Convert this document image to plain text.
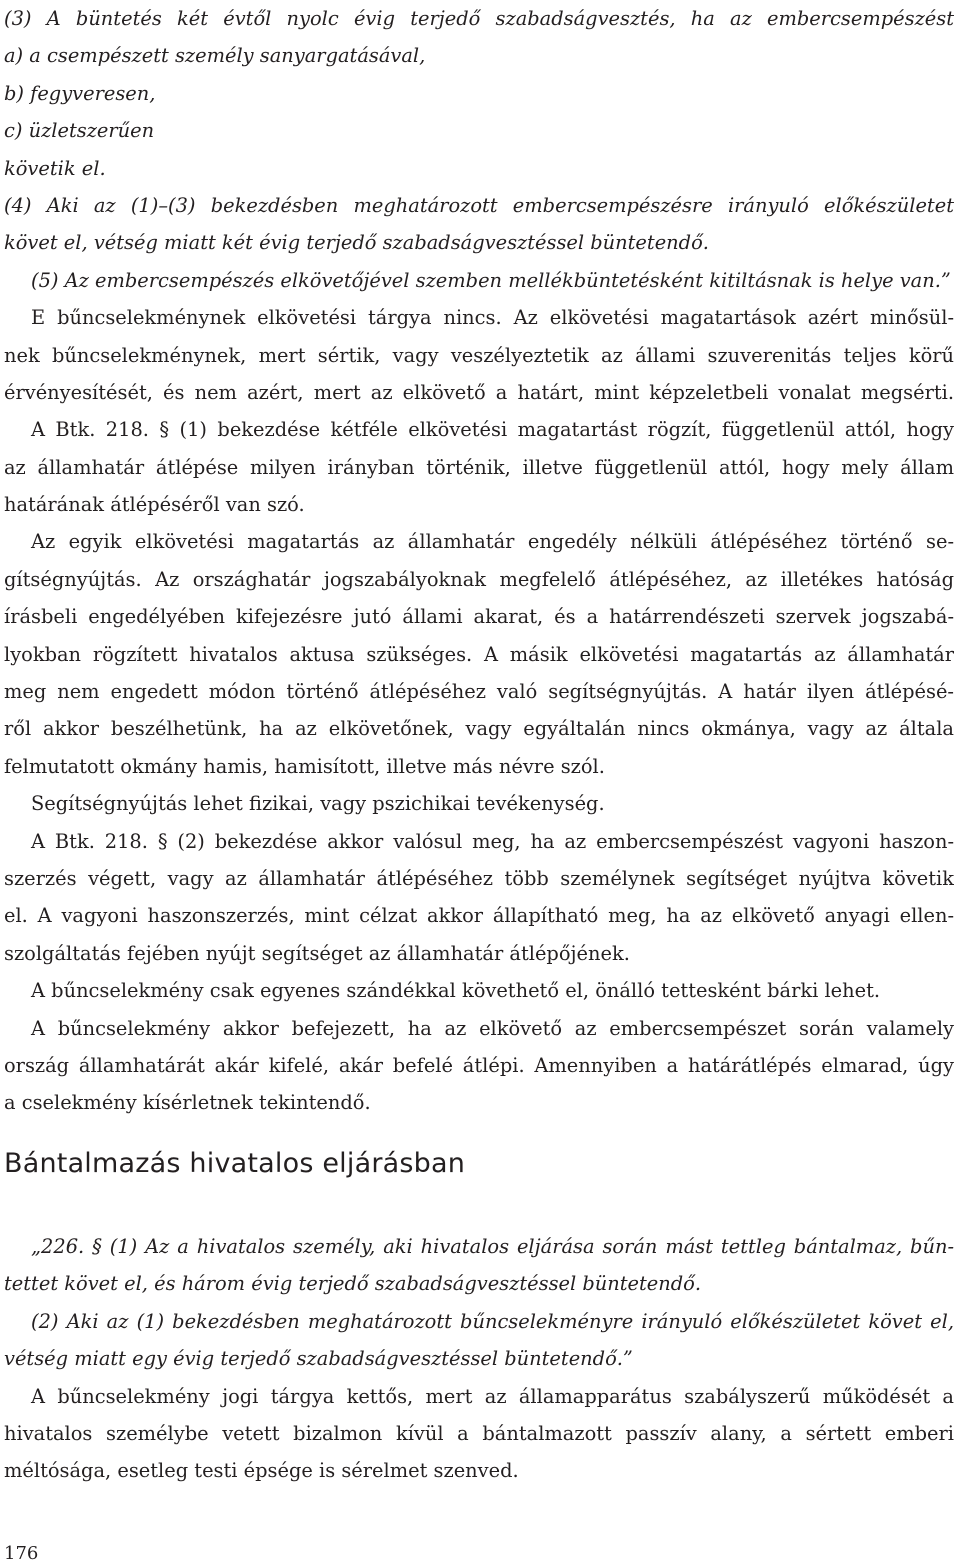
(3) A büntetés két évtől nyolc évig terjedő szabadságvesztés, ha az embercsempészést
a) a csempészett személy sanyargatásával,
b) fegyveresen,
c) üzletszerűen
követik el.
(4) Aki az (1)–(3) bekezdésben meghatározott embercsempészésre irányuló előkészületet
követ el, vétség miatt két évig terjedő szabadságvesztéssel büntetendő.
(5) Az embercsempészés elkövetőjével szemben mellékbüntetésként kitiltásnak is helye van.”
E bűncselekménynek elkövetési tárgya nincs. Az elkövetési magatartások azért minősül-
nek bűncselekménynek, mert sértik, vagy veszélyeztetik az állami szuverenitás teljes körű
érvényesítését, és nem azért, mert az elkövető a határt, mint képzeletbeli vonalat megsérti.
A Btk. 218. § (1) bekezdése kétféle elkövetési magatartást rögzít, függetlenül attól, hogy
az államhatár átlépése milyen irányban történik, illetve függetlenül attól, hogy mely állam
határának átlépéséről van szó.
Az egyik elkövetési magatartás az államhatár engedély nélküli átlépéséhez történő se-
gítségnyújtás. Az országhatár jogszabályoknak megfelelő átlépéséhez, az illetékes hatóság
írásbeli engedélyében kifejezésre jutó állami akarat, és a határrendészeti szervek jogszabá-
lyokban rögzített hivatalos aktusa szükséges. A másik elkövetési magatartás az államhatár
meg nem engedett módon történő átlépéséhez való segítségnyújtás. A határ ilyen átlépésé-
ről akkor beszélhetünk, ha az elkövetőnek, vagy egyáltalán nincs okmánya, vagy az általa
felmutatott okmány hamis, hamisított, illetve más névre szól.
Segítségnyújtás lehet fizikai, vagy pszichikai tevékenység.
A Btk. 218. § (2) bekezdése akkor valósul meg, ha az embercsempészést vagyoni haszon-
szerzés végett, vagy az államhatár átlépéséhez több személynek segítséget nyújtva követik
el. A vagyoni haszonszerzés, mint célzat akkor állapítható meg, ha az elkövető anyagi ellen-
szolgáltatás fejében nyújt segítséget az államhatár átlépőjének.
A bűncselekmény csak egyenes szándékkal követhető el, önálló tettesként bárki lehet.
A bűncselekmény akkor befejezett, ha az elkövető az embercsempészet során valamely
ország államhatárát akár kifelé, akár befelé átlépi. Amennyiben a határátlépés elmarad, úgy
a cselekmény kísérletnek tekintendő.
Bántalmazás hivatalos eljárásban
„226. § (1) Az a hivatalos személy, aki hivatalos eljárása során mást tettleg bántalmaz, bűn-
tettet követ el, és három évig terjedő szabadságvesztéssel büntetendő.
(2) Aki az (1) bekezdésben meghatározott bűncselekményre irányuló előkészületet követ el,
vétség miatt egy évig terjedő szabadságvesztéssel büntetendő.”
A bűncselekmény jogi tárgya kettős, mert az államapparátus szabályszerű működését a
hivatalos személybe vetett bizalmon kívül a bántalmazott passzív alany, a sértett emberi
méltósága, esetleg testi épsége is sérelmet szenved.
176
